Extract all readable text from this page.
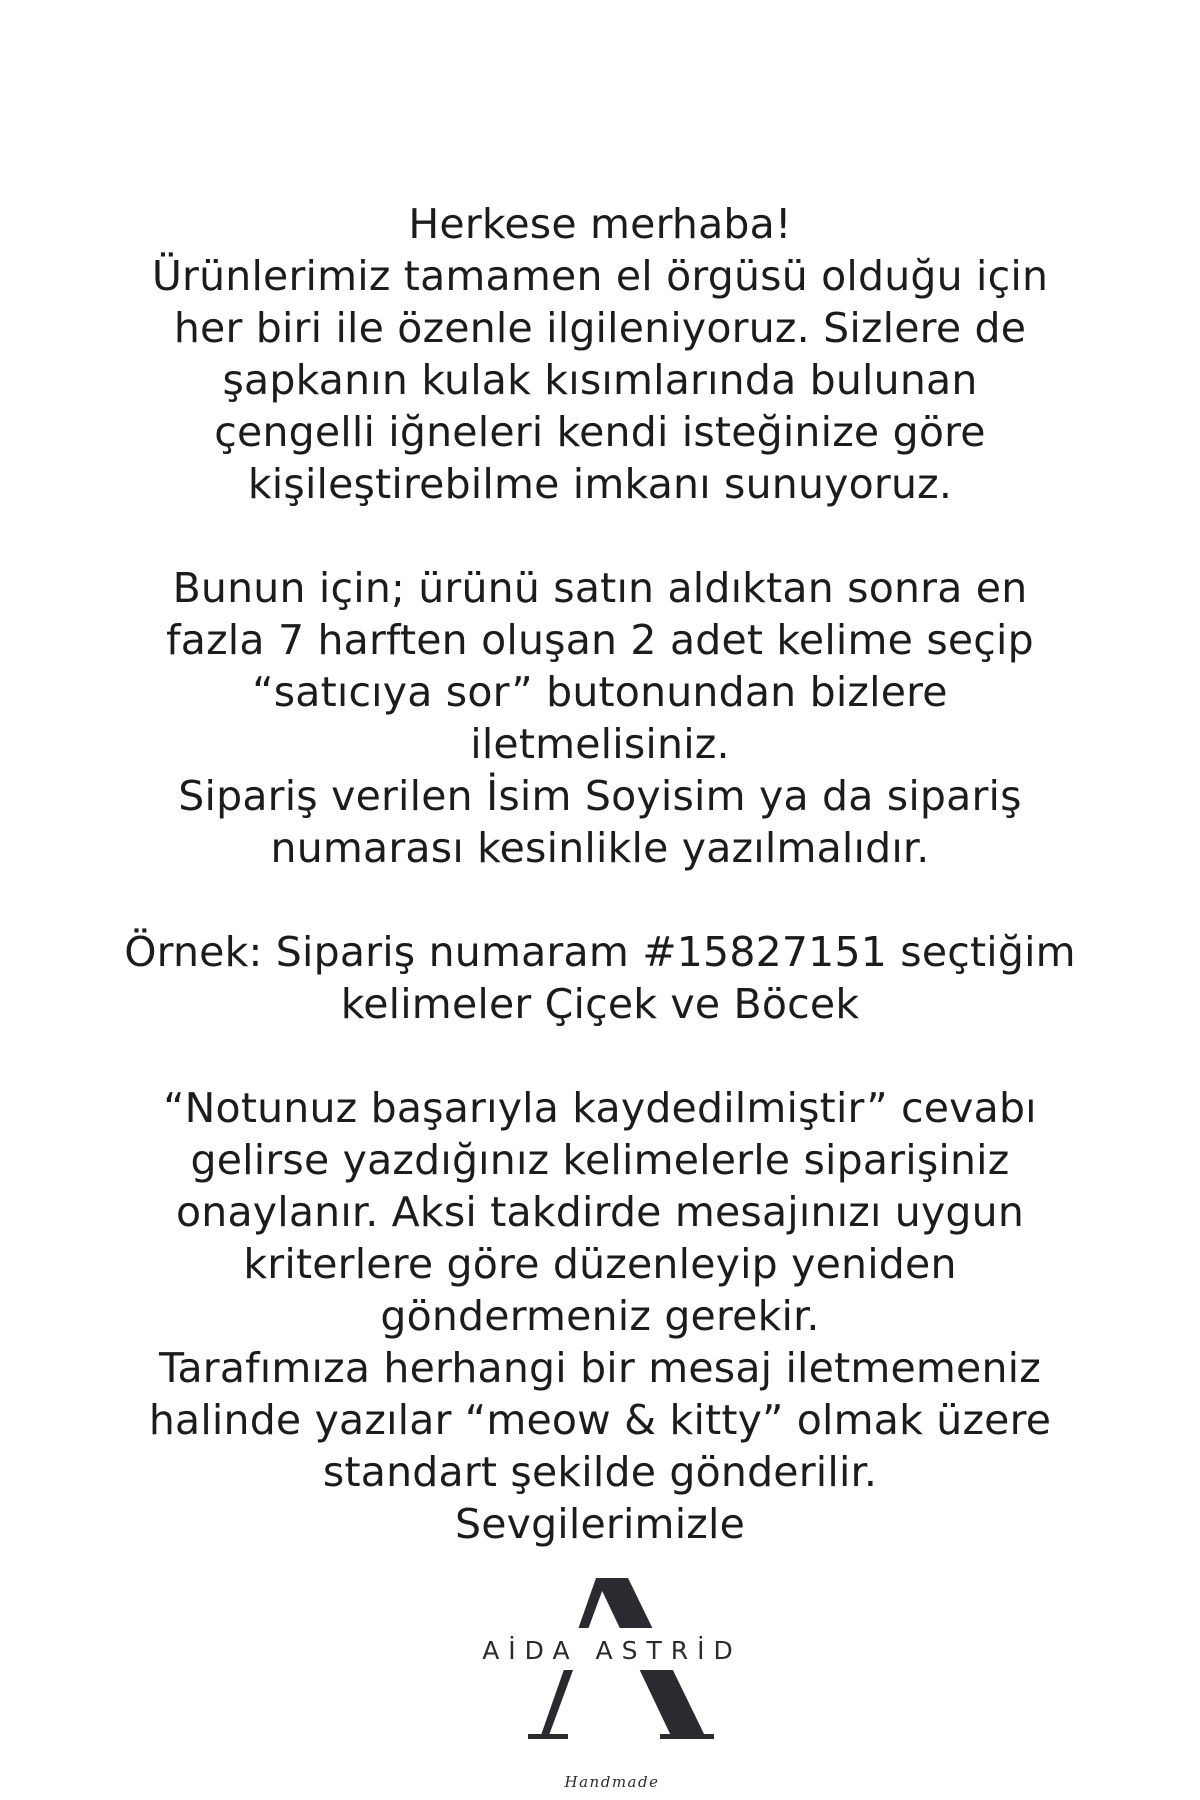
Herkese merhaba!
Ürünlerimiz tamamen el örgüsü olduğu için
her biri ile özenle ilgileniyoruz. Sizlere de
şapkanın kulak kısımlarında bulunan
çengelli iğneleri kendi isteğinize göre
kişileştirebilme imkanı sunuyoruz.
Bunun için; ürünü satın aldıktan sonra en
fazla 7 harften oluşan 2 adet kelime seçip
“satıcıya sor” butonundan bizlere
iletmelisiniz.
Sipariş verilen İsim Soyisim ya da sipariş
numarası kesinlikle yazılmalıdır.
Örnek: Sipariş numaram #15827151 seçtiğim
kelimeler Çiçek ve Böcek
“Notunuz başarıyla kaydedilmiştir” cevabı
gelirse yazdığınız kelimelerle siparişiniz
onaylanır. Aksi takdirde mesajınızı uygun
kriterlere göre düzenleyip yeniden
göndermeniz gerekir.
Tarafımıza herhangi bir mesaj iletmemeniz
halinde yazılar “meow & kitty” olmak üzere
standart şekilde gönderilir.
Sevgilerimizle
AİDA ASTRİD
Handmade
